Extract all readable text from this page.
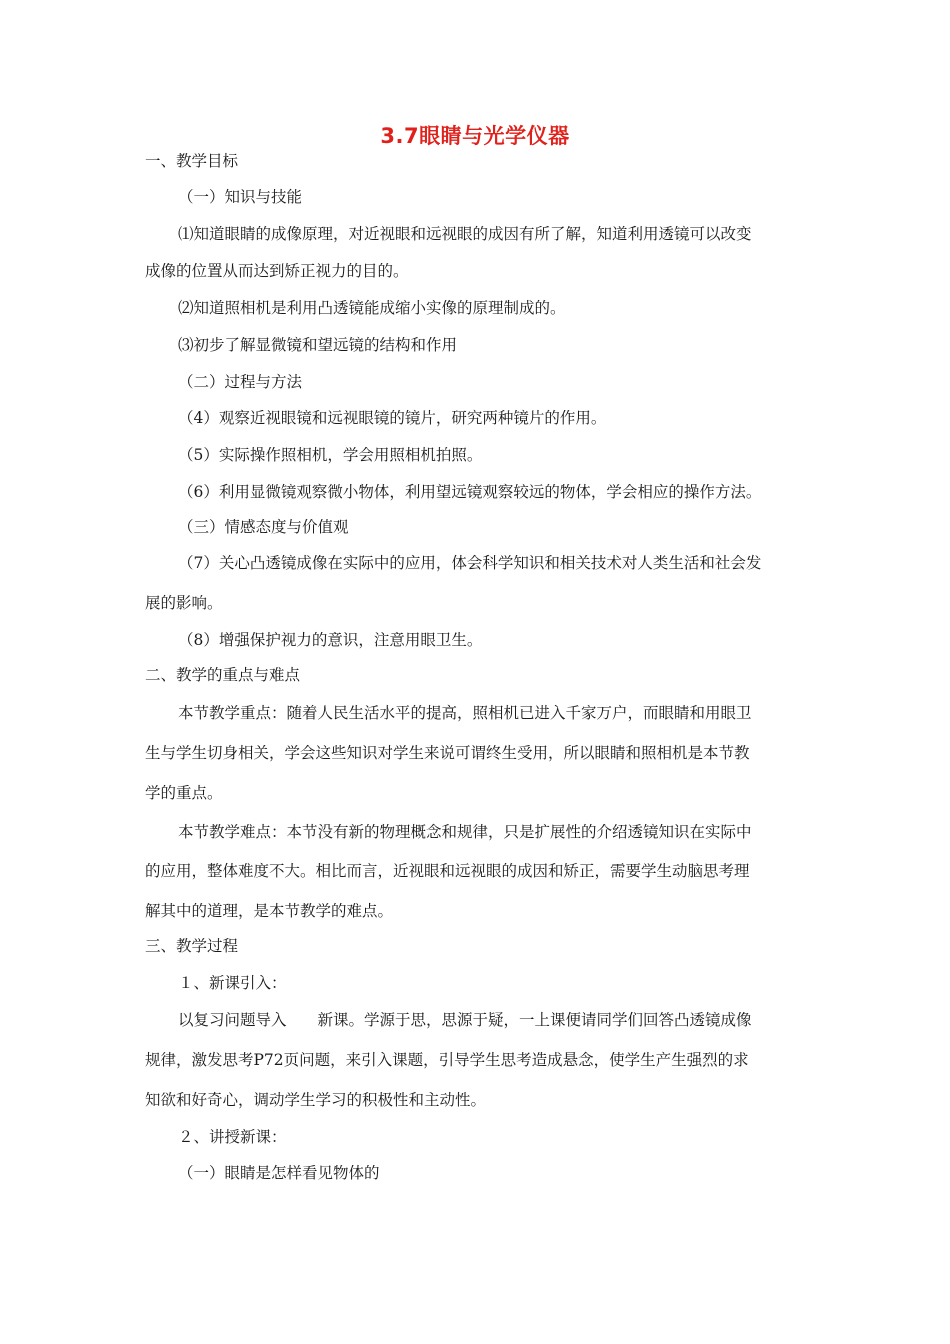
3.7眼睛与光学仪器
一、教学目标
（一）知识与技能
⑴知道眼睛的成像原理，对近视眼和远视眼的成因有所了解，知道利用透镜可以改变
成像的位置从而达到矫正视力的目的。
⑵知道照相机是利用凸透镜能成缩小实像的原理制成的。
⑶初步了解显微镜和望远镜的结构和作用
（二）过程与方法
（4）观察近视眼镜和远视眼镜的镜片，研究两种镜片的作用。
（5）实际操作照相机，学会用照相机拍照。
（6）利用显微镜观察微小物体，利用望远镜观察较远的物体，学会相应的操作方法。
（三）情感态度与价值观
（7）关心凸透镜成像在实际中的应用，体会科学知识和相关技术对人类生活和社会发
展的影响。
（8）增强保护视力的意识，注意用眼卫生。
二、教学的重点与难点
本节教学重点：随着人民生活水平的提高，照相机已进入千家万户，而眼睛和用眼卫
生与学生切身相关，学会这些知识对学生来说可谓终生受用，所以眼睛和照相机是本节教
学的重点。
本节教学难点：本节没有新的物理概念和规律，只是扩展性的介绍透镜知识在实际中
的应用，整体难度不大。相比而言，近视眼和远视眼的成因和矫正，需要学生动脑思考理
解其中的道理，是本节教学的难点。
三、教学过程
１、新课引入：
以复习问题导入　　新课。学源于思，思源于疑，一上课便请同学们回答凸透镜成像
规律，激发思考P72页问题，来引入课题，引导学生思考造成悬念，使学生产生强烈的求
知欲和好奇心，调动学生学习的积极性和主动性。
２、讲授新课：
（一）眼睛是怎样看见物体的
